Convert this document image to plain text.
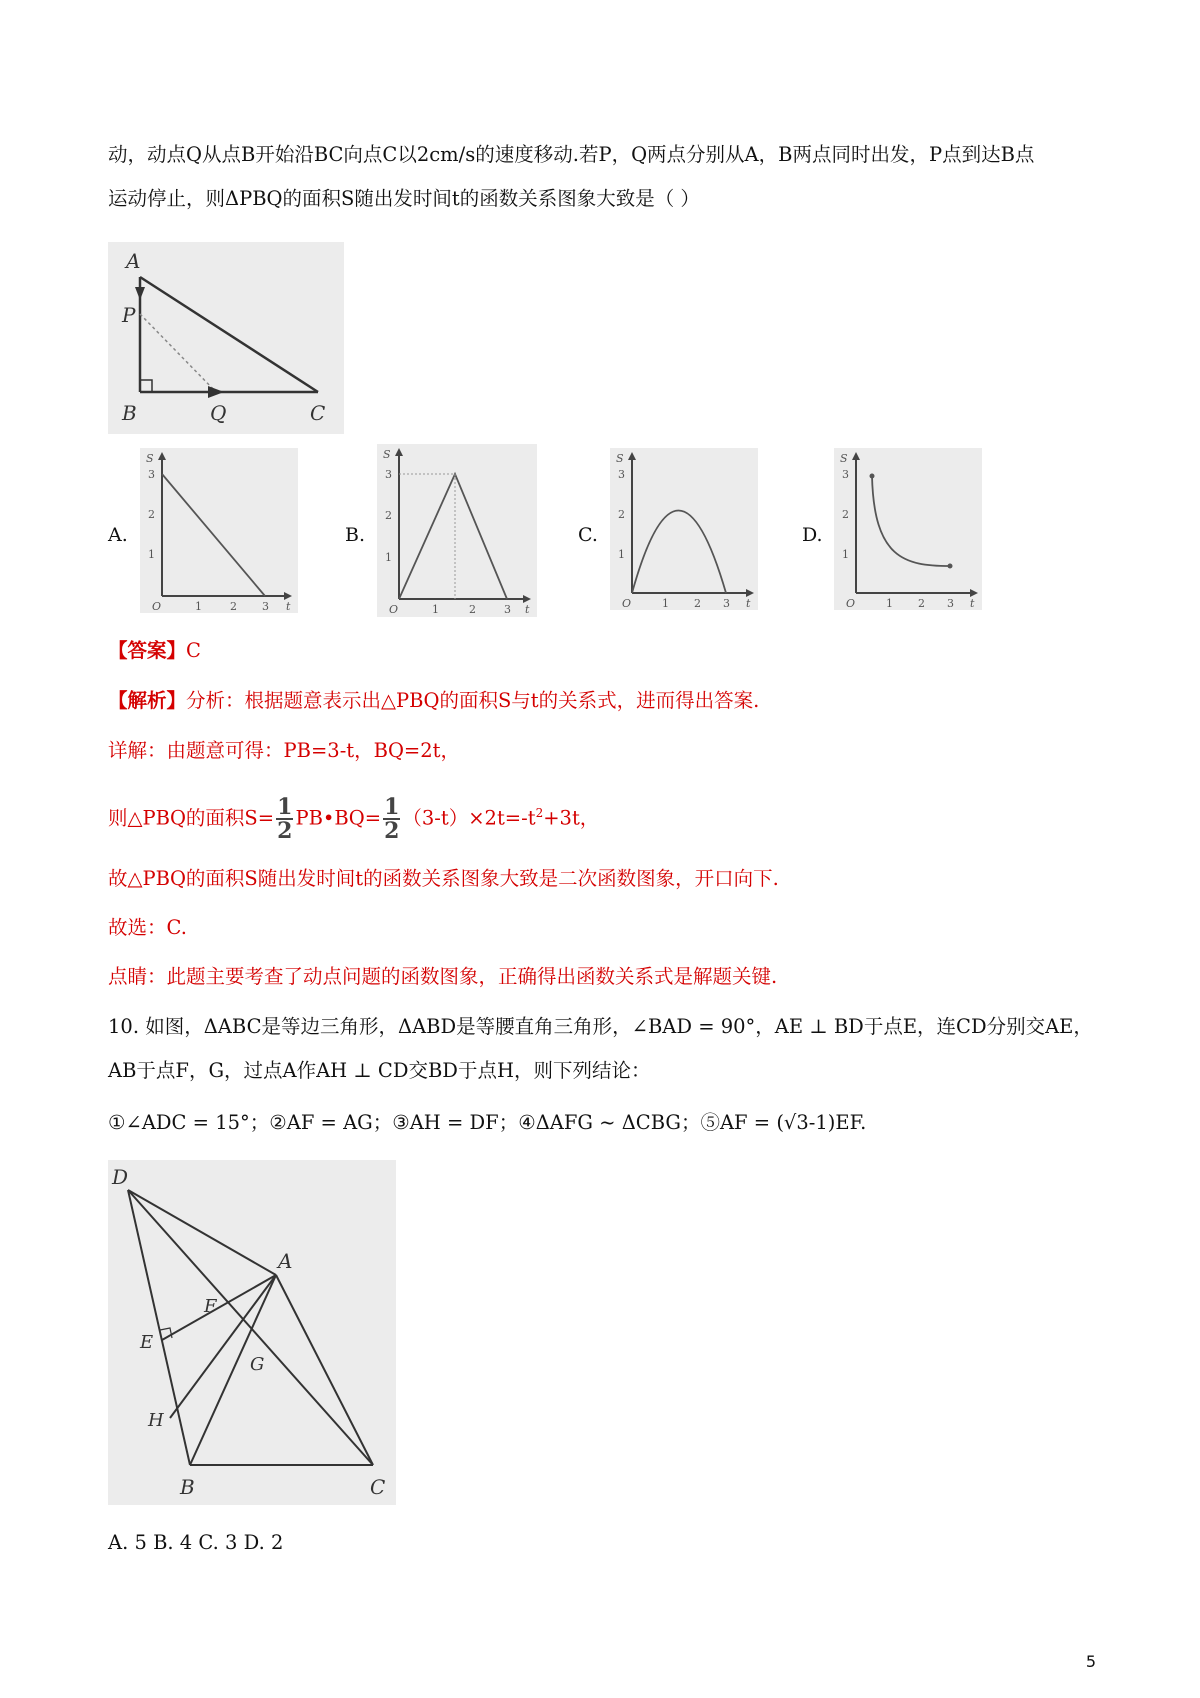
动，动点Q从点B开始沿BC向点C以2cm/s的速度移动.若P，Q两点分别从A，B两点同时出发，P点到达B点
运动停止，则ΔPBQ的面积S随出发时间t的函数关系图象大致是（ ）
A
P
B	Q	C
A.	B.	C.	D.
S
3
2
1
O	1	2 3 t
S
3
2
1
O	1	2	3 t
S
3
2
1
O	1 2 3 t
S
3
2
1
O	1 2 3 t
【答案】C
【解析】分析：根据题意表示出△PBQ的面积S与t的关系式，进而得出答案.
详解：由题意可得：PB=3-t，BQ=2t，
则△PBQ的面积$S= \frac{1}{2}$ PB•BQ= $\frac{1}{2} (3-t)\times 2t=-t^2+3t$，
故△PBQ的面积S随出发时间t的函数关系图象大致是二次函数图象，开口向下.
故选：C.
点睛：此题主要考查了动点问题的函数图象，正确得出函数关系式是解题关键.
10. 如图，ΔABC是等边三角形，ΔABD是等腰直角三角形，∠BAD = 90°，AE ⊥ BD于点E，连CD分别交AE，
AB于点F，G，过点A作AH ⊥ CD交BD于点H，则下列结论：
①∠ADC = 15°；②AF = AG；③AH = DF；④ΔAFG ~ ΔCBG；⑤AF = (√3-1)EF.
D
A
F
E
G
H
B	C
A. 5 B. 4 C. 3 D. 2
5
